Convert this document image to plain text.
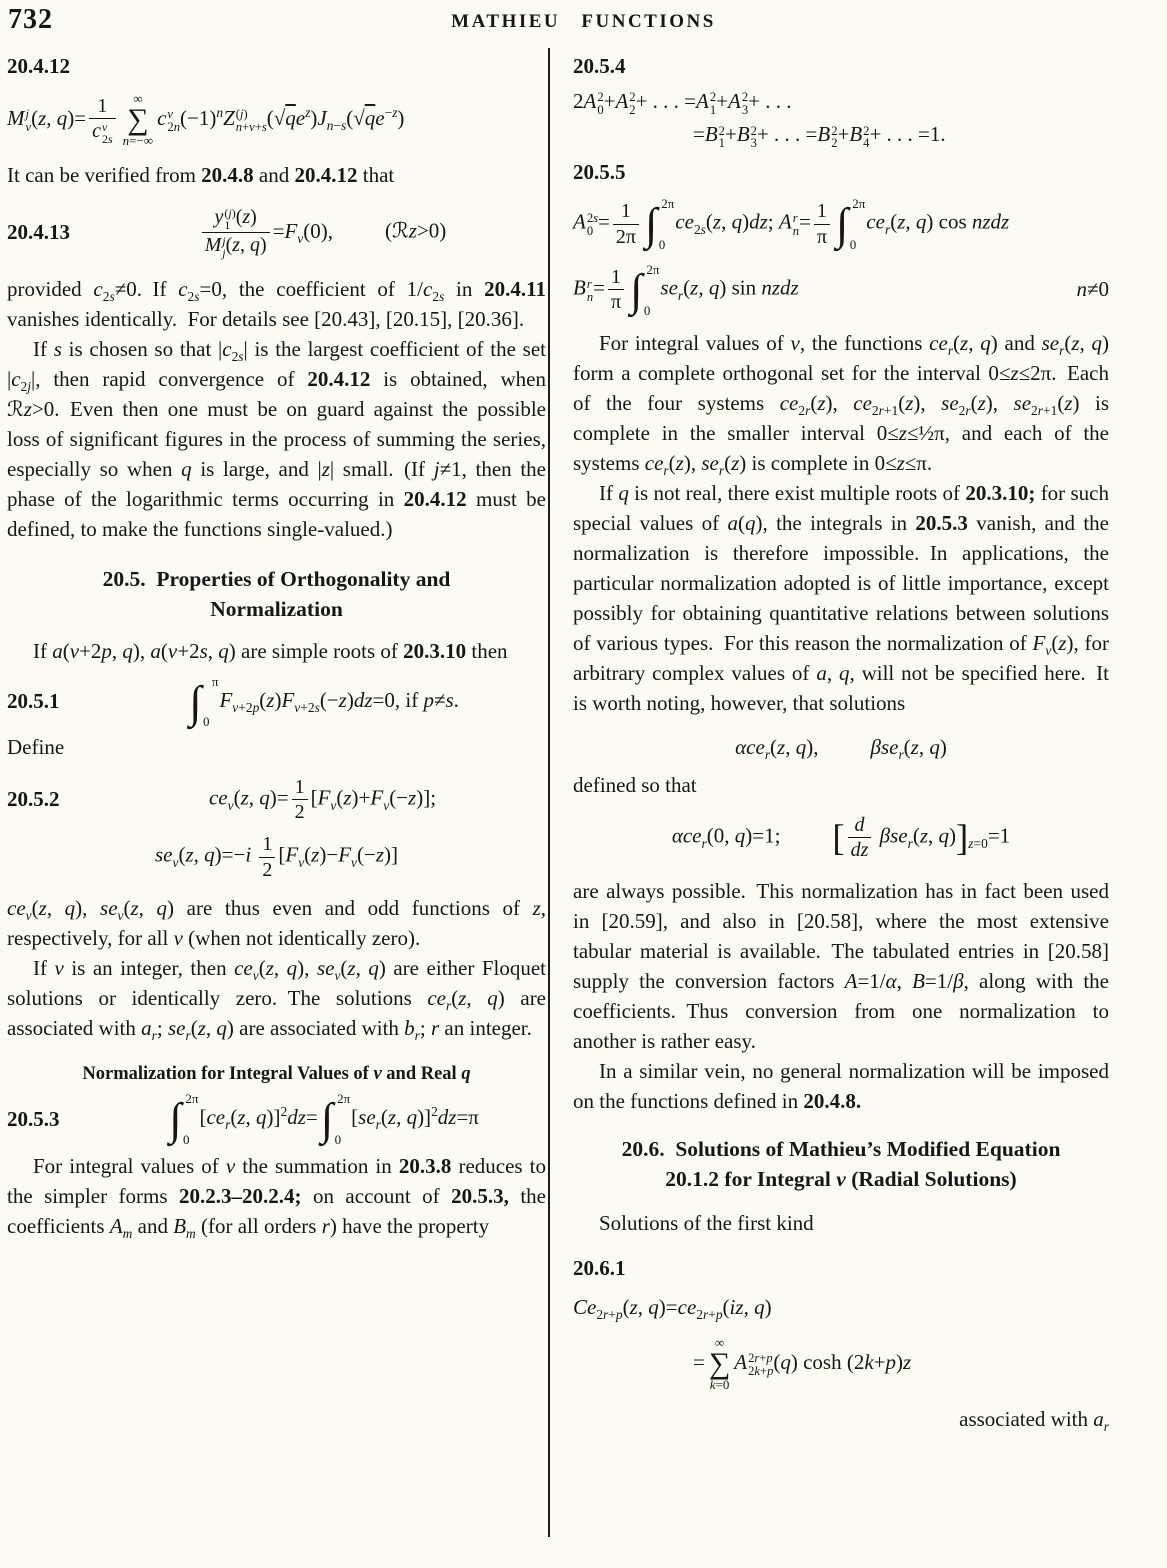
732	MATHIEU FUNCTIONS
20.4.12
Mj
ν(z, q)=
1
cν
2s
∞
∑
n=−∞
cν
$2n(-1)^nZ(j)$
$n+\nu+s(√qe^z)J_{n-s}(√qe^{-z})$

It can be verified from 20.4.8 and 20.4.12 that

20.4.13
y(j)
1 (z)
Mj
j(z, q)
$=F_\nu(0)$, (ℛz>0)

provided $c_{2s}\ne 0$. If $c_{2s}=0$, the coefficient of $1/c_{2s}$ in 20.4.11 vanishes identically. For details see [20.43], [20.15], [20.36].

If s is chosen so that $|c_{2s}|$ is the largest coefficient of the set $|c_{2j}|$, then rapid convergence of 20.4.12 is obtained, when ℛz>0. Even then one must be on guard against the possible loss of significant figures in the process of summing the series, especially so when q is large, and |z| small. (If j≠1, then the phase of the logarithmic terms occurring in 20.4.12 must be defined, to make the functions single-valued.)

20.5. Properties of Orthogonality and
Normalization

If a(ν+2p, q), a(ν+2s, q) are simple roots of 20.3.10 then

20.5.1	∫ π
0
$F_{\nu+2p}(z)F_{\nu+2s}(-z)dz=0$, if p≠s.

Define

20.5.2	$ce_\nu(z$, $q)= \frac{1}{2} [F_\nu(z)+F_\nu(-z)]$;
$se_\nu(z$, $q)=-i \frac{1}{2} [F_\nu(z)-F_\nu(-z)]$

$ce_\nu(z$, q), $se_\nu(z$, q) are thus even and odd functions of z, respectively, for all ν (when not identically zero).

If ν is an integer, then $ce_\nu(z$, q), $se_\nu(z$, q) are either Floquet solutions or identically zero. The solutions $ce_r(z$, q) are associated with $a_r$; $se_r(z$, q) are associated with $b_r$; r an integer.

Normalization for Integral Values of ν and Real q
20.5.3	∫ 2π
0
[$ce_r(z$, q)]$^2$dz=∫ 2π
0
[$se_r(z$, q)]$^2$dz=π

For integral values of ν the summation in 20.3.8 reduces to the simpler forms 20.2.3–20.2.4; on account of 20.5.3, the coefficients $A_m$ and $B_m$ (for all orders r) have the property

20.5.4
2A2
0+A2
2+ . . . =A2
1+A2
3+ . . .
=B2
1+B2
3+ . . . =B2
2+B2
4+ . . . =1.
20.5.5
A2s
$0 = \frac{1}{2\pi}$ ∫ 2π
0
$ce_{2s}(z$, q)dz; Ar
$n= \frac{1}{\pi}$ ∫ 2π
0
$ce_r(z$, q) cos nzdz
Br
$n= \frac{1}{\pi}$ ∫ 2π
0
$se_r(z$, q) sin nzdz	n≠0

For integral values of ν, the functions $ce_r(z$, q) and $se_r(z$, q) form a complete orthogonal set for the interval 0≤z≤2π. Each of the four systems $ce_{2r}(z)$, $ce_{2r+1}(z)$, $se_{2r}(z)$, $se_{2r+1}(z)$ is complete in the smaller interval 0≤z≤½π, and each of the systems $ce_r(z)$, $se_r(z)$ is complete in 0≤z≤π.

If q is not real, there exist multiple roots of 20.3.10; for such special values of a(q), the integrals in 20.5.3 vanish, and the normalization is therefore impossible. In applications, the particular normalization adopted is of little importance, except possibly for obtaining quantitative relations between solutions of various types. For this reason the normalization of $F_\nu(z)$, for arbitrary complex values of a, q, will not be specified here. It is worth noting, however, that solutions

αce$_r$(z, q), βse$_r$(z, q)

defined so that

αce$_r$(0, q)=1; [ $\frac{d}{dz} \beta se_r(z$, $q)]_{z=0}=1$

are always possible. This normalization has in fact been used in [20.59], and also in [20.58], where the most extensive tabular material is available. The tabulated entries in [20.58] supply the conversion factors A=1/α, B=1/β, along with the coefficients. Thus conversion from one normalization to another is rather easy.

In a similar vein, no general normalization will be imposed on the functions defined in 20.4.8.

20.6. Solutions of Mathieu’s Modified Equation
20.1.2 for Integral ν (Radial Solutions)

Solutions of the first kind

20.6.1
$Ce_{2r+p}(z$, $q)=ce_{2r+p}(iz$, q)
=
∞
∑
k=0
A2r+p
2k+p(q) cosh (2k+p)z
associated with $a_r$
